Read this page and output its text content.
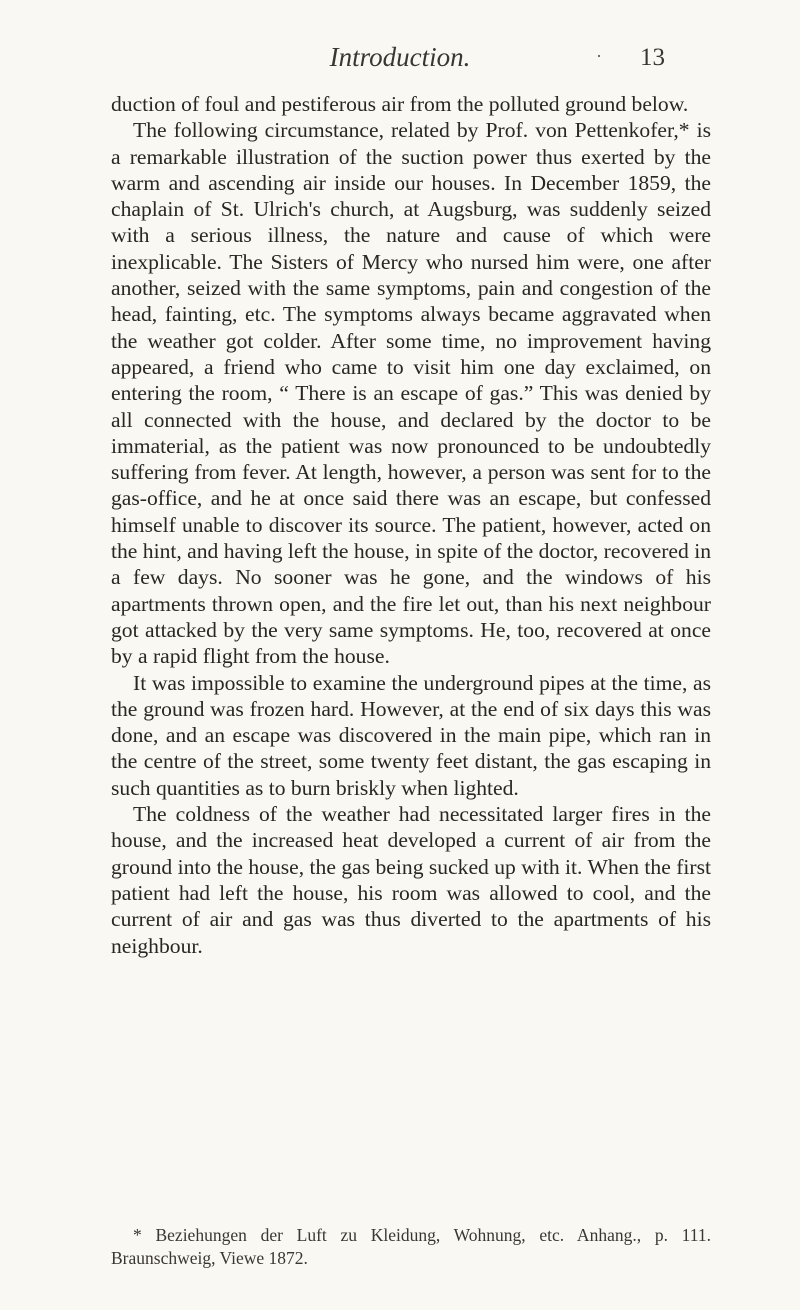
Introduction.	· 13

duction of foul and pestiferous air from the polluted ground below.

The following circumstance, related by Prof. von Pettenkofer,* is a remarkable illustration of the suction power thus exerted by the warm and ascending air inside our houses. In December 1859, the chaplain of St. Ulrich's church, at Augsburg, was suddenly seized with a serious illness, the nature and cause of which were inexplicable. The Sisters of Mercy who nursed him were, one after another, seized with the same symptoms, pain and congestion of the head, fainting, etc. The symptoms always became aggravated when the weather got colder. After some time, no improvement having appeared, a friend who came to visit him one day exclaimed, on entering the room, “ There is an escape of gas.” This was denied by all connected with the house, and declared by the doctor to be immaterial, as the patient was now pronounced to be undoubtedly suffering from fever. At length, however, a person was sent for to the gas-office, and he at once said there was an escape, but confessed himself unable to discover its source. The patient, however, acted on the hint, and having left the house, in spite of the doctor, recovered in a few days. No sooner was he gone, and the windows of his apartments thrown open, and the fire let out, than his next neighbour got attacked by the very same symptoms. He, too, recovered at once by a rapid flight from the house.

It was impossible to examine the underground pipes at the time, as the ground was frozen hard. However, at the end of six days this was done, and an escape was discovered in the main pipe, which ran in the centre of the street, some twenty feet distant, the gas escaping in such quantities as to burn briskly when lighted.

The coldness of the weather had necessitated larger fires in the house, and the increased heat developed a current of air from the ground into the house, the gas being sucked up with it. When the first patient had left the house, his room was allowed to cool, and the current of air and gas was thus diverted to the apartments of his neighbour.

* Beziehungen der Luft zu Kleidung, Wohnung, etc. Anhang., p. 111. Braunschweig, Viewe 1872.
